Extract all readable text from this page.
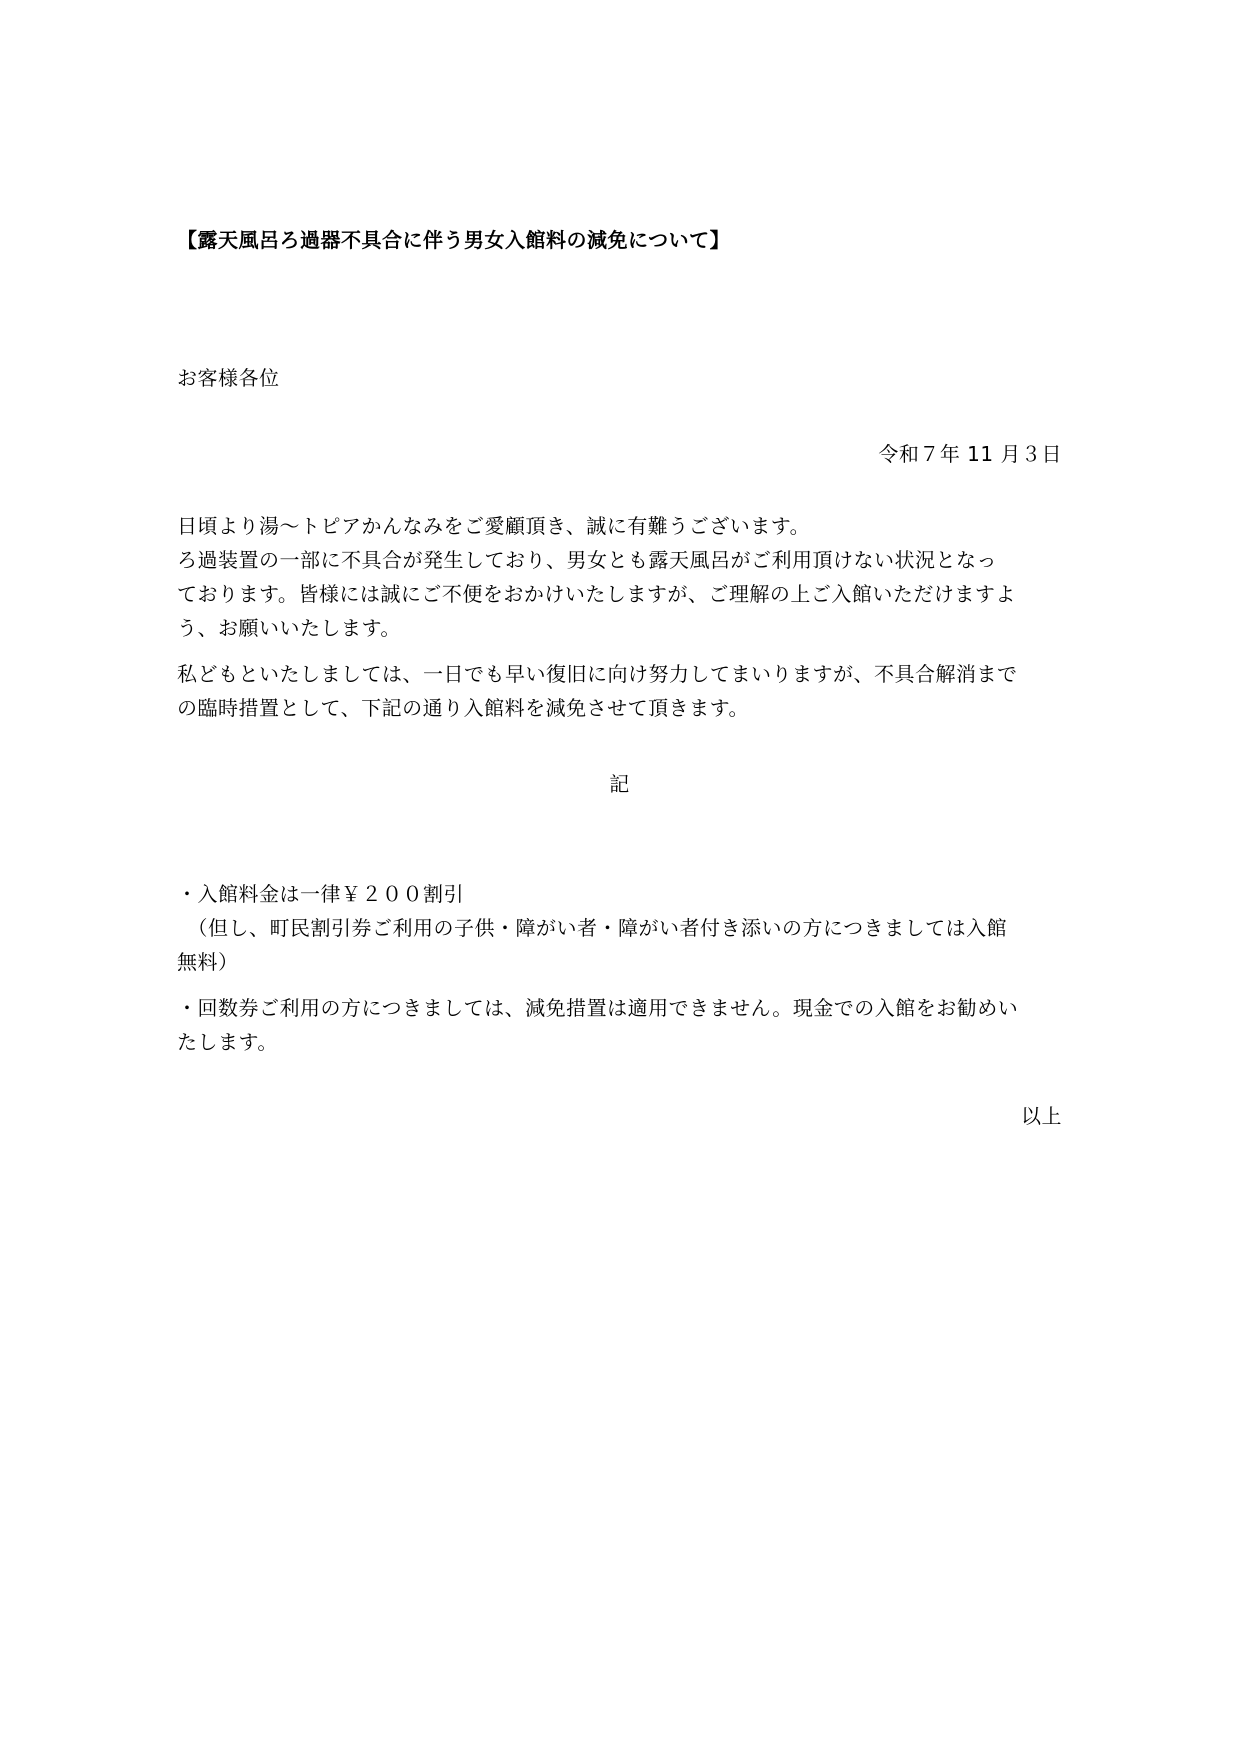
【露天風呂ろ過器不具合に伴う男女入館料の減免について】
お客様各位
令和７年 11 月３日
日頃より湯～トピアかんなみをご愛顧頂き、誠に有難うございます。
ろ過装置の一部に不具合が発生しており、男女とも露天風呂がご利用頂けない状況となっ
ております。皆様には誠にご不便をおかけいたしますが、ご理解の上ご入館いただけますよ
う、お願いいたします。
私どもといたしましては、一日でも早い復旧に向け努力してまいりますが、不具合解消まで
の臨時措置として、下記の通り入館料を減免させて頂きます。
記
・入館料金は一律￥２００割引
　（但し、町民割引券ご利用の子供・障がい者・障がい者付き添いの方につきましては入館
無料）
・回数券ご利用の方につきましては、減免措置は適用できません。現金での入館をお勧めい
たします。
以上
